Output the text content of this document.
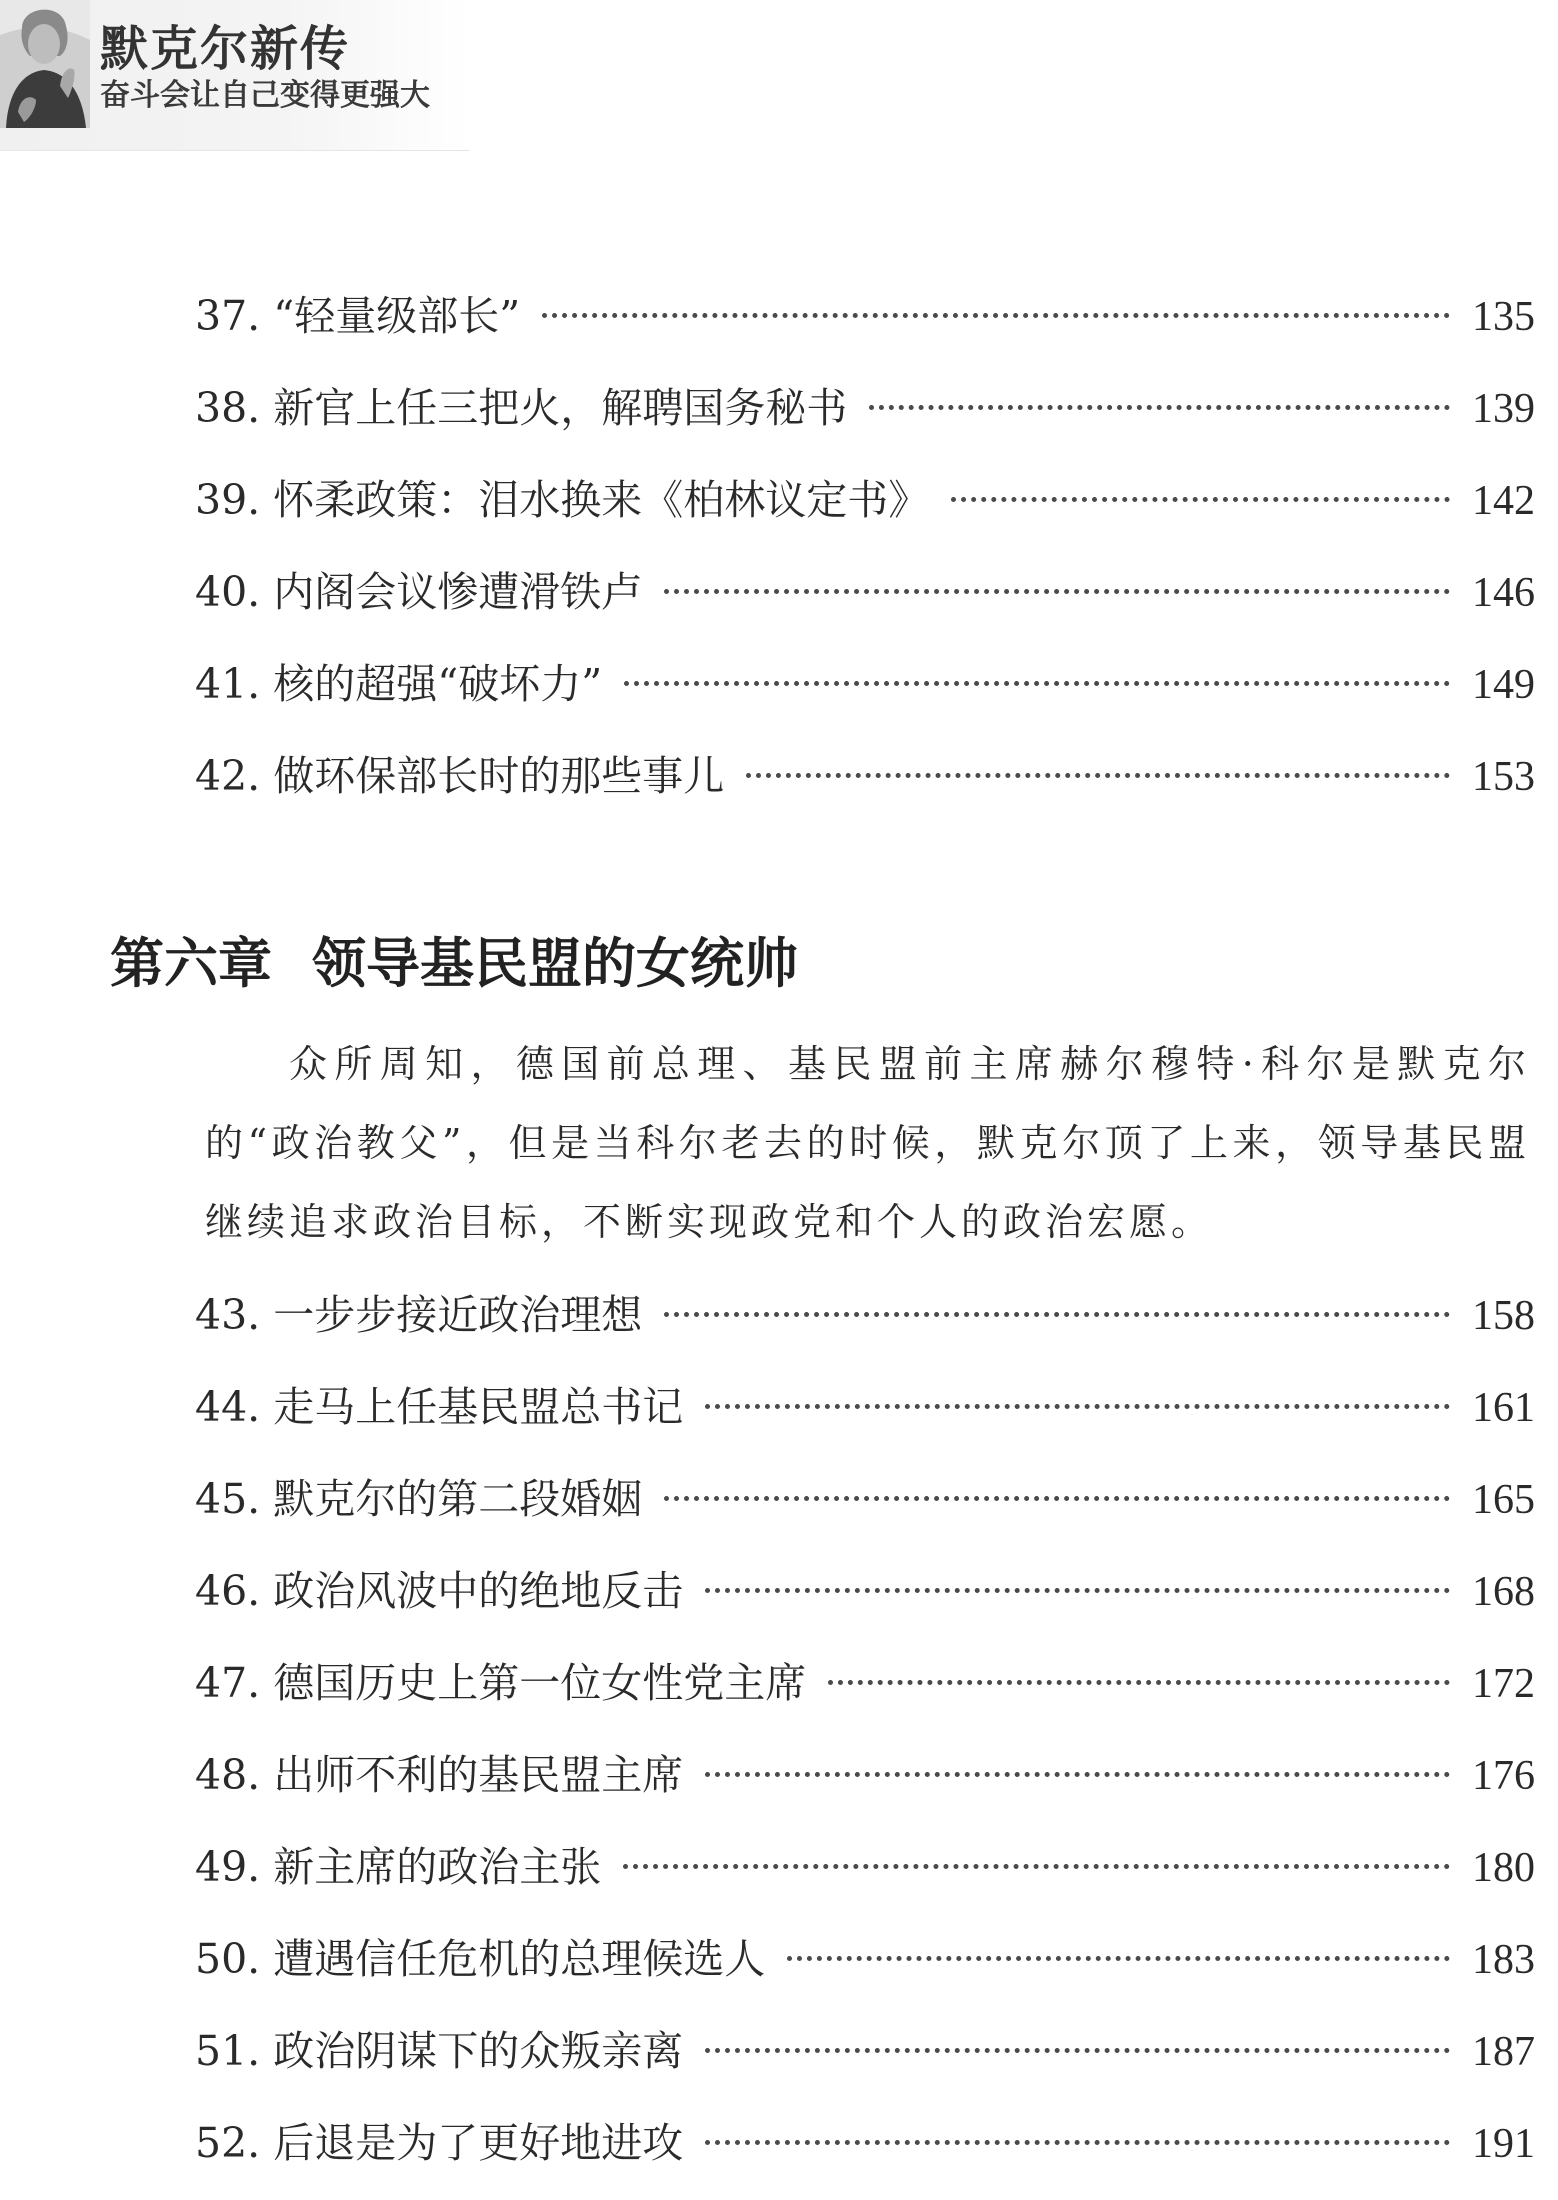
默克尔新传
奋斗会让自己变得更强大
37. “轻量级部长”	135
38. 新官上任三把火，解聘国务秘书	139
39. 怀柔政策：泪水换来《柏林议定书》	142
40. 内阁会议惨遭滑铁卢	146
41. 核的超强“破坏力”	149
42. 做环保部长时的那些事儿	153
第六章 领导基民盟的女统帅
众所周知，德国前总理、基民盟前主席赫尔穆特·科尔是默克尔的“政治教父”，但是当科尔老去的时候，默克尔顶了上来，领导基民盟继续追求政治目标，不断实现政党和个人的政治宏愿。
43. 一步步接近政治理想	158
44. 走马上任基民盟总书记	161
45. 默克尔的第二段婚姻	165
46. 政治风波中的绝地反击	168
47. 德国历史上第一位女性党主席	172
48. 出师不利的基民盟主席	176
49. 新主席的政治主张	180
50. 遭遇信任危机的总理候选人	183
51. 政治阴谋下的众叛亲离	187
52. 后退是为了更好地进攻	191
